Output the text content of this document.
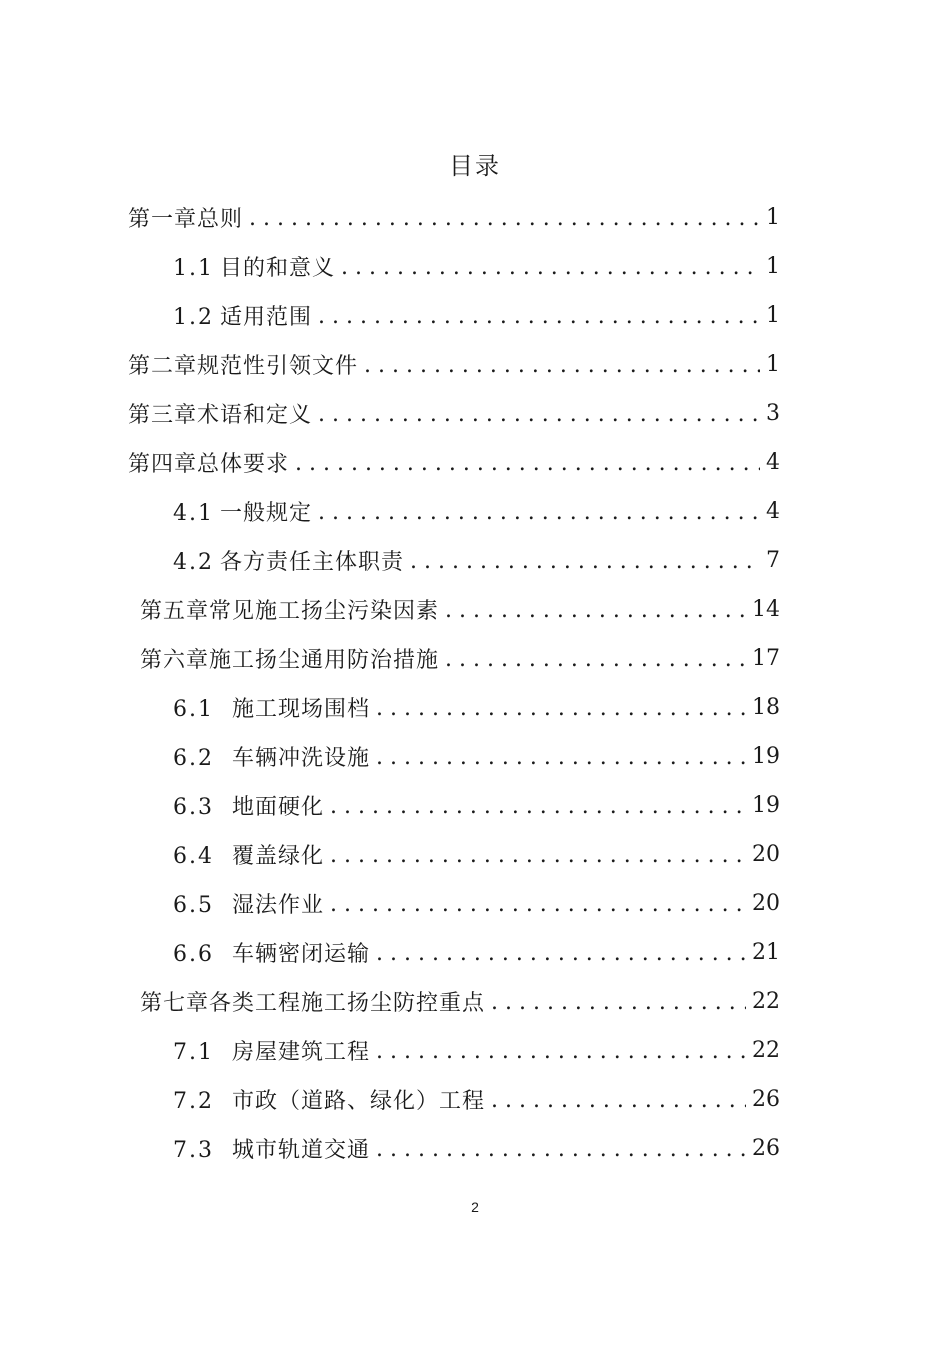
目录
第一章总则 . . .	1
1.1 目的和意义 . . .	1
1.2 适用范围 . . .	1
第二章规范性引领文件 . . .	1
第三章术语和定义 . . .	3
第四章总体要求 . . .	4
4.1 一般规定 . . .	4
4.2 各方责任主体职责 . . .	7
第五章常见施工扬尘污染因素 . . .	14
第六章施工扬尘通用防治措施 . . .	17
6.1 施工现场围档 . . .	18
6.2 车辆冲洗设施 . . .	19
6.3 地面硬化 . . .	19
6.4 覆盖绿化 . . .	20
6.5 湿法作业 . . .	20
6.6 车辆密闭运输 . . .	21
第七章各类工程施工扬尘防控重点 . . .	22
7.1 房屋建筑工程 . . .	22
7.2 市政（道路、绿化）工程 . . .	26
7.3 城市轨道交通 . . .	26
2
